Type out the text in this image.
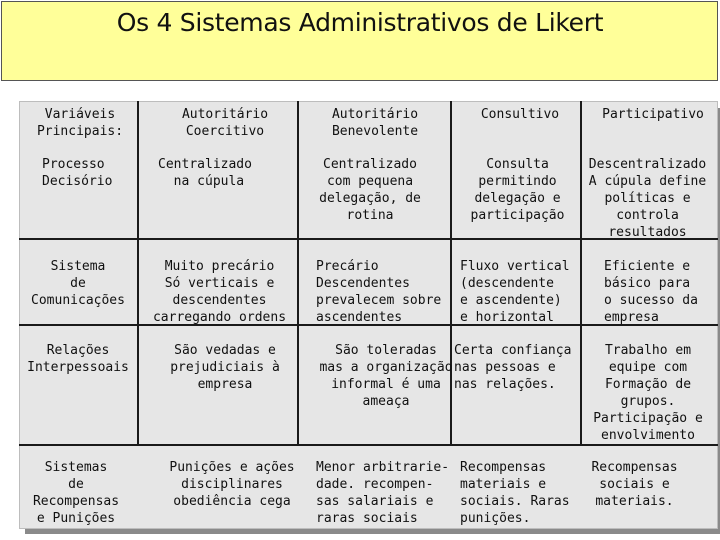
Os 4 Sistemas Administrativos de Likert
Variáveis
Principais:
Autoritário
Coercitivo
Autoritário
Benevolente
Consultivo	Participativo
Processo
Decisório
Centralizado
na cúpula
Centralizado
com pequena
delegação, de
rotina
Consulta
permitindo
delegação e
participação
Descentralizado
A cúpula define
políticas e
controla
resultados
Sistema
de
Comunicações
Muito precário
Só verticais e
descendentes
carregando ordens
Precário
Descendentes
prevalecem sobre
ascendentes
Fluxo vertical
(descendente
e ascendente)
e horizontal
Eficiente e
básico para
o sucesso da
empresa
Relações
Interpessoais
São vedadas e
prejudiciais à
empresa
São toleradas
mas a organização
informal é uma
ameaça
Certa confiança
nas pessoas e
nas relações.
Trabalho em
equipe com
Formação de
grupos.
Participação e
envolvimento
Sistemas
de
Recompensas
e Punições
Punições e ações
disciplinares
obediência cega
Menor arbitrarie-
dade. recompen-
sas salariais e
raras sociais
Recompensas
materiais e
sociais. Raras
punições.
Recompensas
sociais e
materiais.
